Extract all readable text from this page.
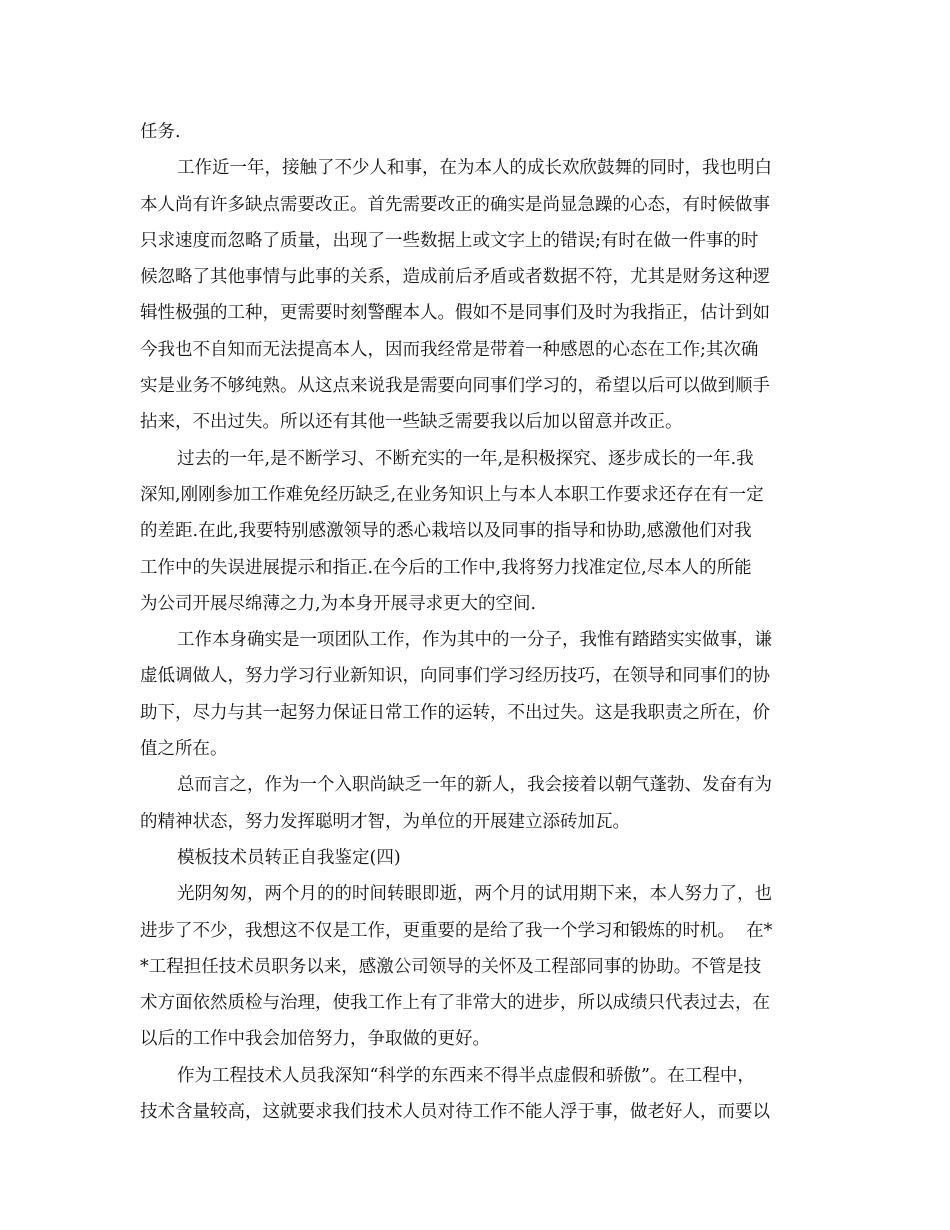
任务.
工作近一年，接触了不少人和事，在为本人的成长欢欣鼓舞的同时，我也明白
本人尚有许多缺点需要改正。首先需要改正的确实是尚显急躁的心态，有时候做事
只求速度而忽略了质量，出现了一些数据上或文字上的错误;有时在做一件事的时
候忽略了其他事情与此事的关系，造成前后矛盾或者数据不符，尤其是财务这种逻
辑性极强的工种，更需要时刻警醒本人。假如不是同事们及时为我指正，估计到如
今我也不自知而无法提高本人，因而我经常是带着一种感恩的心态在工作;其次确
实是业务不够纯熟。从这点来说我是需要向同事们学习的，希望以后可以做到顺手
拈来，不出过失。所以还有其他一些缺乏需要我以后加以留意并改正。
过去的一年,是不断学习、不断充实的一年,是积极探究、逐步成长的一年.我
深知,刚刚参加工作难免经历缺乏,在业务知识上与本人本职工作要求还存在有一定
的差距.在此,我要特别感激领导的悉心栽培以及同事的指导和协助,感激他们对我
工作中的失误进展提示和指正.在今后的工作中,我将努力找准定位,尽本人的所能
为公司开展尽绵薄之力,为本身开展寻求更大的空间.
工作本身确实是一项团队工作，作为其中的一分子，我惟有踏踏实实做事，谦
虚低调做人，努力学习行业新知识，向同事们学习经历技巧，在领导和同事们的协
助下，尽力与其一起努力保证日常工作的运转，不出过失。这是我职责之所在，价
值之所在。
总而言之，作为一个入职尚缺乏一年的新人，我会接着以朝气蓬勃、发奋有为
的精神状态，努力发挥聪明才智，为单位的开展建立添砖加瓦。
模板技术员转正自我鉴定(四)
光阴匆匆，两个月的的时间转眼即逝，两个月的试用期下来，本人努力了，也
进步了不少，我想这不仅是工作，更重要的是给了我一个学习和锻炼的时机。  在*
*工程担任技术员职务以来，感激公司领导的关怀及工程部同事的协助。不管是技
术方面依然质检与治理，使我工作上有了非常大的进步，所以成绩只代表过去，在
以后的工作中我会加倍努力，争取做的更好。
作为工程技术人员我深知“科学的东西来不得半点虚假和骄傲”。在工程中，
技术含量较高，这就要求我们技术人员对待工作不能人浮于事，做老好人，而要以
